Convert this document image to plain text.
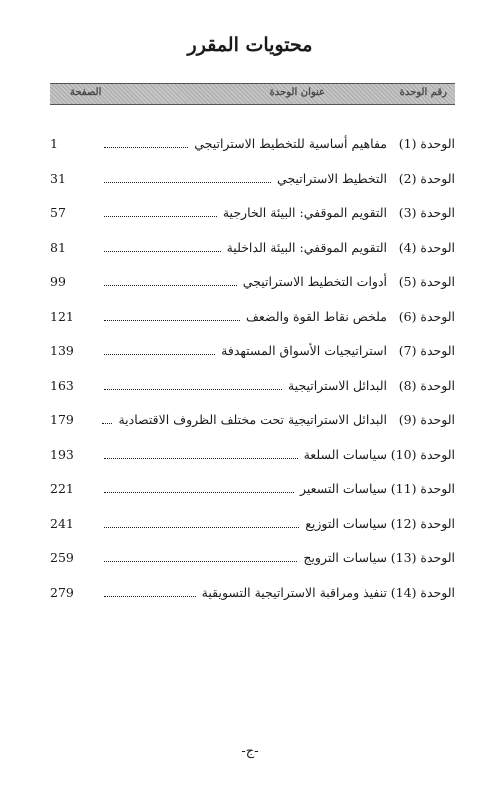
محتويات المقرر
رقم الوحدة
عنوان الوحدة
الصفحة
الوحدة (1)
مفاهيم أساسية للتخطيط الاستراتيجي
1
الوحدة (2)
التخطيط الاستراتيجي
31
الوحدة (3)
التقويم الموقفي: البيئة الخارجية
57
الوحدة (4)
التقويم الموقفي: البيئة الداخلية
81
الوحدة (5)
أدوات التخطيط الاستراتيجي
99
الوحدة (6)
ملخص نقاط القوة والضعف
121
الوحدة (7)
استراتيجيات الأسواق المستهدفة
139
الوحدة (8)
البدائل الاستراتيجية
163
الوحدة (9)
البدائل الاستراتيجية تحت مختلف الظروف الاقتصادية
179
الوحدة (10)
سياسات السلعة
193
الوحدة (11)
سياسات التسعير
221
الوحدة (12)
سياسات التوزيع
241
الوحدة (13)
سياسات الترويج
259
الوحدة (14)
تنفيذ ومراقبة الاستراتيجية التسويقية
279
-ج-
